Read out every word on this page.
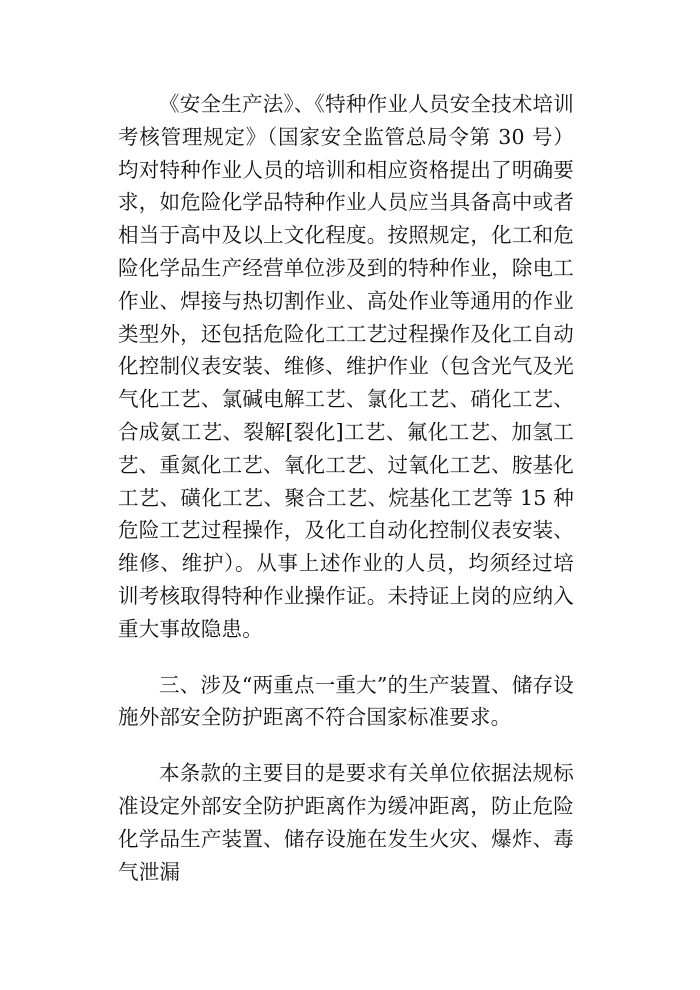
《安全生产法》、《特种作业人员安全技术培训考核管理规定》（国家安全监管总局令第 30 号）均对特种作业人员的培训和相应资格提出了明确要求，如危险化学品特种作业人员应当具备高中或者相当于高中及以上文化程度。按照规定，化工和危险化学品生产经营单位涉及到的特种作业，除电工作业、焊接与热切割作业、高处作业等通用的作业类型外，还包括危险化工工艺过程操作及化工自动化控制仪表安装、维修、维护作业（包含光气及光气化工艺、氯碱电解工艺、氯化工艺、硝化工艺、合成氨工艺、裂解[裂化]工艺、氟化工艺、加氢工艺、重氮化工艺、氧化工艺、过氧化工艺、胺基化工艺、磺化工艺、聚合工艺、烷基化工艺等 15 种危险工艺过程操作，及化工自动化控制仪表安装、维修、维护）。从事上述作业的人员，均须经过培训考核取得特种作业操作证。未持证上岗的应纳入重大事故隐患。

三、涉及“两重点一重大”的生产装置、储存设施外部安全防护距离不符合国家标准要求。

本条款的主要目的是要求有关单位依据法规标准设定外部安全防护距离作为缓冲距离，防止危险化学品生产装置、储存设施在发生火灾、爆炸、毒气泄漏
